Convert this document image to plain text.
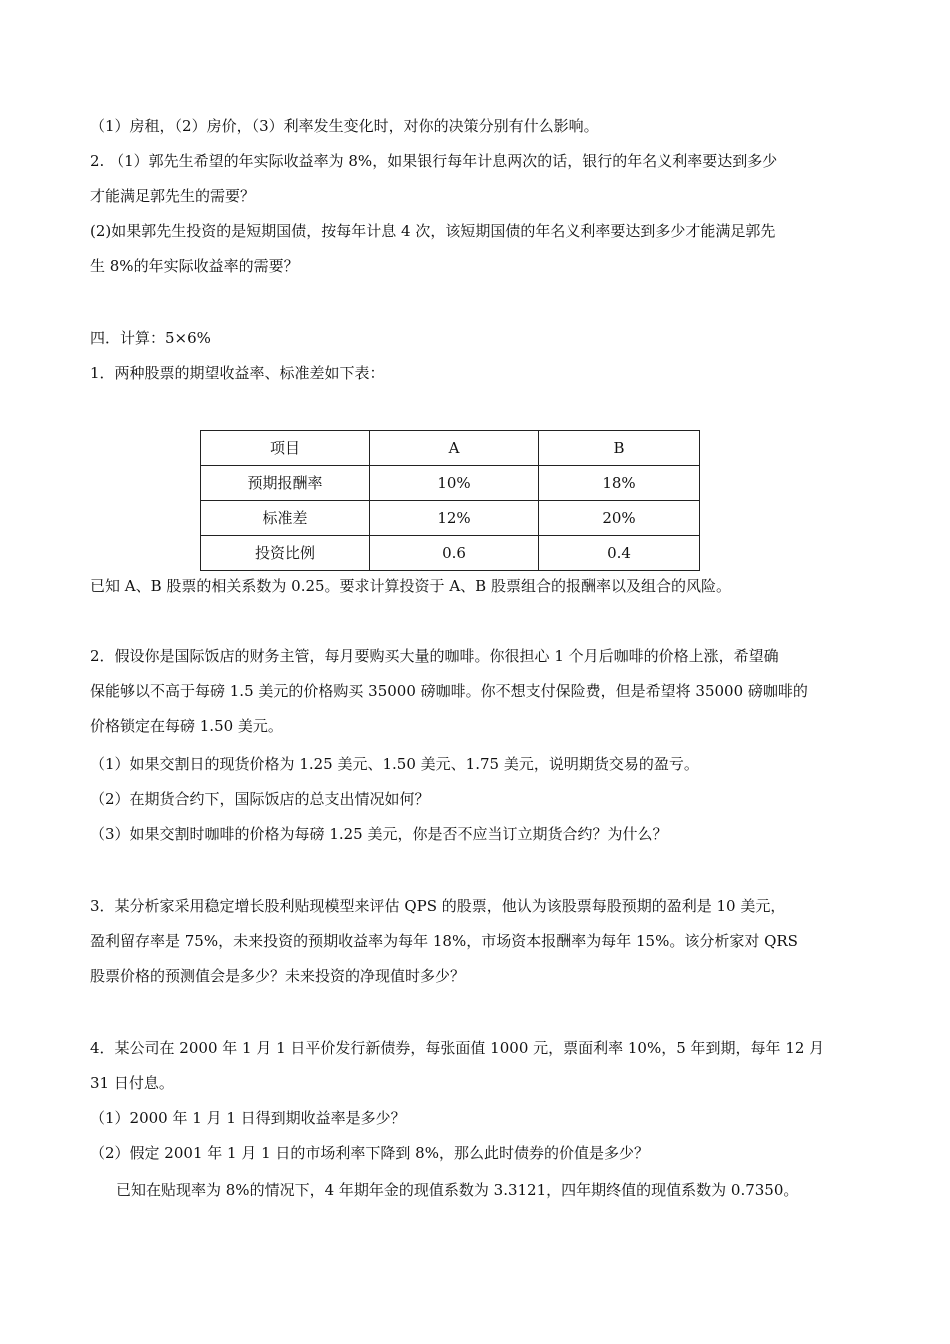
（1）房租，（2）房价，（3）利率发生变化时，对你的决策分别有什么影响。
2. （1）郭先生希望的年实际收益率为 8%，如果银行每年计息两次的话，银行的年名义利率要达到多少
才能满足郭先生的需要？
(2)如果郭先生投资的是短期国债，按每年计息 4 次，该短期国债的年名义利率要达到多少才能满足郭先
生 8%的年实际收益率的需要？
四．计算：5×6%
1．两种股票的期望收益率、标准差如下表：
项目	A	B
预期报酬率	10%	18%
标准差	12%	20%
投资比例	0.6	0.4
已知 A、B 股票的相关系数为 0.25。要求计算投资于 A、B 股票组合的报酬率以及组合的风险。
2．假设你是国际饭店的财务主管，每月要购买大量的咖啡。你很担心 1 个月后咖啡的价格上涨，希望确
保能够以不高于每磅 1.5 美元的价格购买 35000 磅咖啡。你不想支付保险费，但是希望将 35000 磅咖啡的
价格锁定在每磅 1.50 美元。
（1）如果交割日的现货价格为 1.25 美元、1.50 美元、1.75 美元，说明期货交易的盈亏。
（2）在期货合约下，国际饭店的总支出情况如何？
（3）如果交割时咖啡的价格为每磅 1.25 美元，你是否不应当订立期货合约？为什么？
3．某分析家采用稳定增长股利贴现模型来评估 QPS 的股票，他认为该股票每股预期的盈利是 10 美元，
盈利留存率是 75%，未来投资的预期收益率为每年 18%，市场资本报酬率为每年 15%。该分析家对 QRS
股票价格的预测值会是多少？未来投资的净现值时多少？
4．某公司在 2000 年 1 月 1 日平价发行新债券，每张面值 1000 元，票面利率 10%，5 年到期，每年 12 月
31 日付息。
（1）2000 年 1 月 1 日得到期收益率是多少？
（2）假定 2001 年 1 月 1 日的市场利率下降到 8%，那么此时债券的价值是多少？
已知在贴现率为 8%的情况下，4 年期年金的现值系数为 3.3121，四年期终值的现值系数为 0.7350。
